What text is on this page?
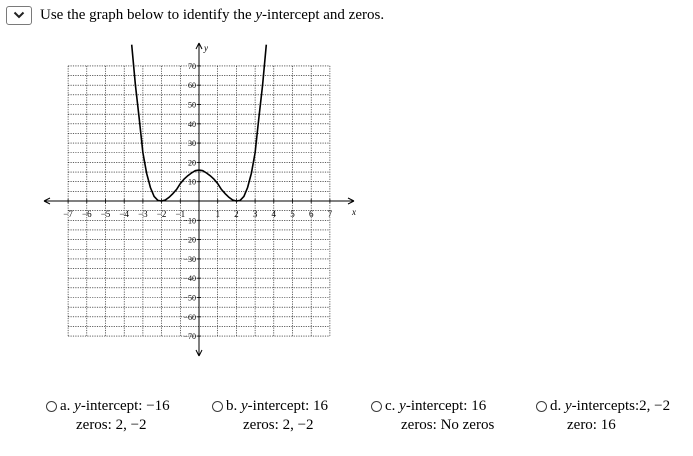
Use the graph below to identify the y-intercept and zeros.
x
y
−7 −6 −5 −4 −3 −2 −1	1 2 3 4 5 6 7
70
60
50
40
30
20
10
−10
−20
−30
−40
−50
−60
−70
a.
y -intercept: −16
zeros: 2, −2
b.
y -intercept: 16
zeros: 2, −2
c.
y -intercept: 16
zeros: No zeros
d.
y -intercepts:2, −2
zero: 16
